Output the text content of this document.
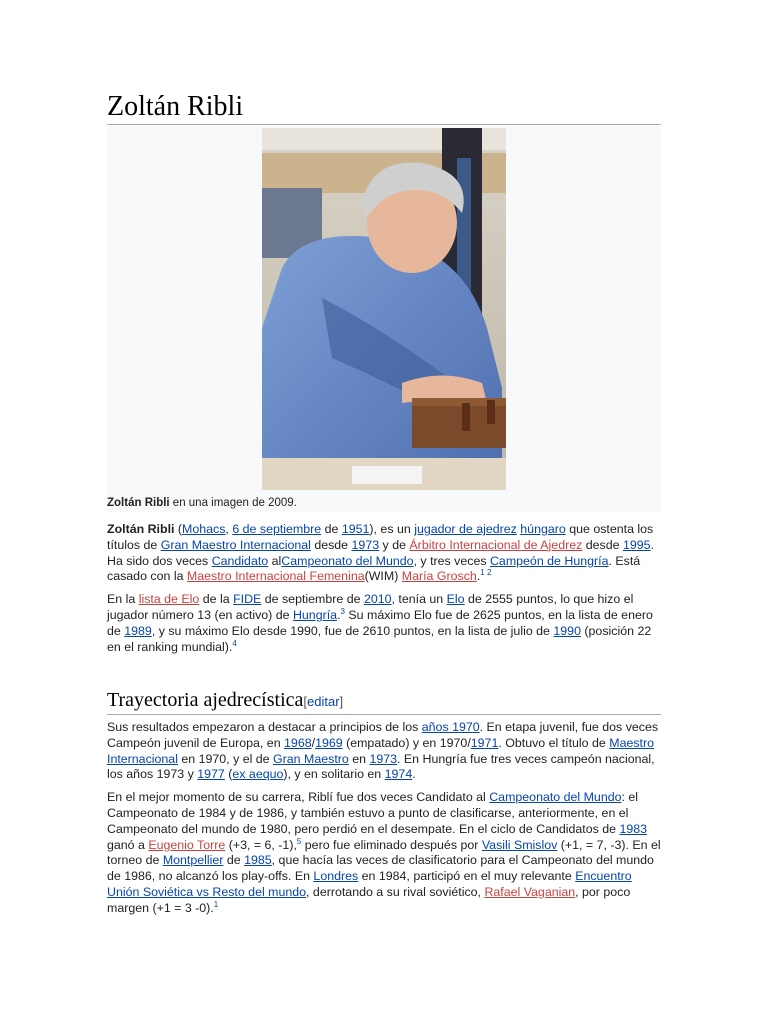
Zoltán Ribli
Zoltán Ribli en una imagen de 2009.

Zoltán Ribli (Mohacs, 6 de septiembre de 1951), es un jugador de ajedrez húngaro que ostenta los títulos de Gran Maestro Internacional desde 1973 y de Árbitro Internacional de Ajedrez desde 1995. Ha sido dos veces Candidato alCampeonato del Mundo, y tres veces Campeón de Hungría. Está casado con la Maestro Internacional Femenina(WIM) María Grosch.$^{1 2}$

En la lista de Elo de la FIDE de septiembre de 2010, tenía un Elo de 2555 puntos, lo que hizo el jugador número 13 (en activo) de Hungría.$^3$ Su máximo Elo fue de 2625 puntos, en la lista de enero de 1989, y su máximo Elo desde 1990, fue de 2610 puntos, en la lista de julio de 1990 (posición 22 en el ranking mundial).$^4$

Trayectoria ajedrecística[editar]

Sus resultados empezaron a destacar a principios de los años 1970. En etapa juvenil, fue dos veces Campeón juvenil de Europa, en 1968/1969 (empatado) y en 1970/1971. Obtuvo el título de Maestro Internacional en 1970, y el de Gran Maestro en 1973. En Hungría fue tres veces campeón nacional, los años 1973 y 1977 (ex aequo), y en solitario en 1974.

En el mejor momento de su carrera, Riblí fue dos veces Candidato al Campeonato del Mundo: el Campeonato de 1984 y de 1986, y también estuvo a punto de clasificarse, anteriormente, en el Campeonato del mundo de 1980, pero perdió en el desempate. En el ciclo de Candidatos de 1983 ganó a Eugenio Torre (+3, = 6, -1),$^5$ pero fue eliminado después por Vasili Smislov (+1, = 7, -3). En el torneo de Montpellier de 1985, que hacía las veces de clasificatorio para el Campeonato del mundo de 1986, no alcanzó los play-offs. En Londres en 1984, participó en el muy relevante Encuentro Unión Soviética vs Resto del mundo, derrotando a su rival soviético, Rafael Vaganian, por poco margen (+1 = 3 -0).$^1$
